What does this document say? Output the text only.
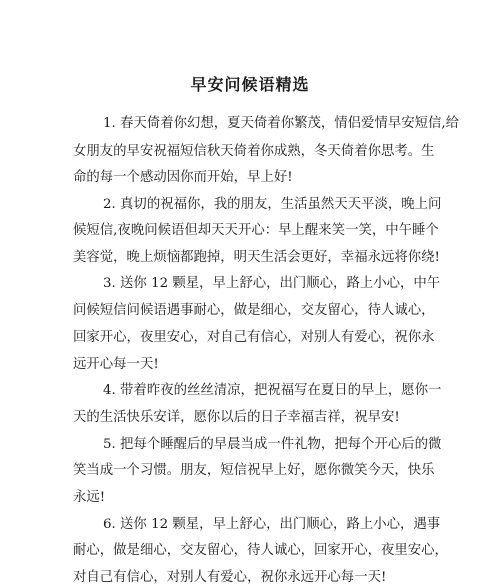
早安问候语精选

1. 春天倚着你幻想，夏天倚着你繁茂，情侣爱情早安短信,给

女朋友的早安祝福短信秋天倚着你成熟，冬天倚着你思考。生

命的每一个感动因你而开始，早上好!

2. 真切的祝福你，我的朋友，生活虽然天天平淡，晚上问

候短信,夜晚问候语但却天天开心：早上醒来笑一笑，中午睡个

美容觉，晚上烦恼都跑掉，明天生活会更好，幸福永远将你绕!

3. 送你 12 颗星，早上舒心，出门顺心，路上小心，中午

问候短信问候语遇事耐心，做是细心，交友留心，待人诚心，

回家开心，夜里安心，对自己有信心，对别人有爱心，祝你永

远开心每一天!

4. 带着昨夜的丝丝清凉，把祝福写在夏日的早上，愿你一

天的生活快乐安详，愿你以后的日子幸福吉祥，祝早安!

5. 把每个睡醒后的早晨当成一件礼物，把每个开心后的微

笑当成一个习惯。朋友，短信祝早上好，愿你微笑今天，快乐

永远!

6. 送你 12 颗星，早上舒心，出门顺心，路上小心，遇事

耐心，做是细心，交友留心，待人诚心，回家开心，夜里安心，

对自己有信心，对别人有爱心，祝你永远开心每一天!
